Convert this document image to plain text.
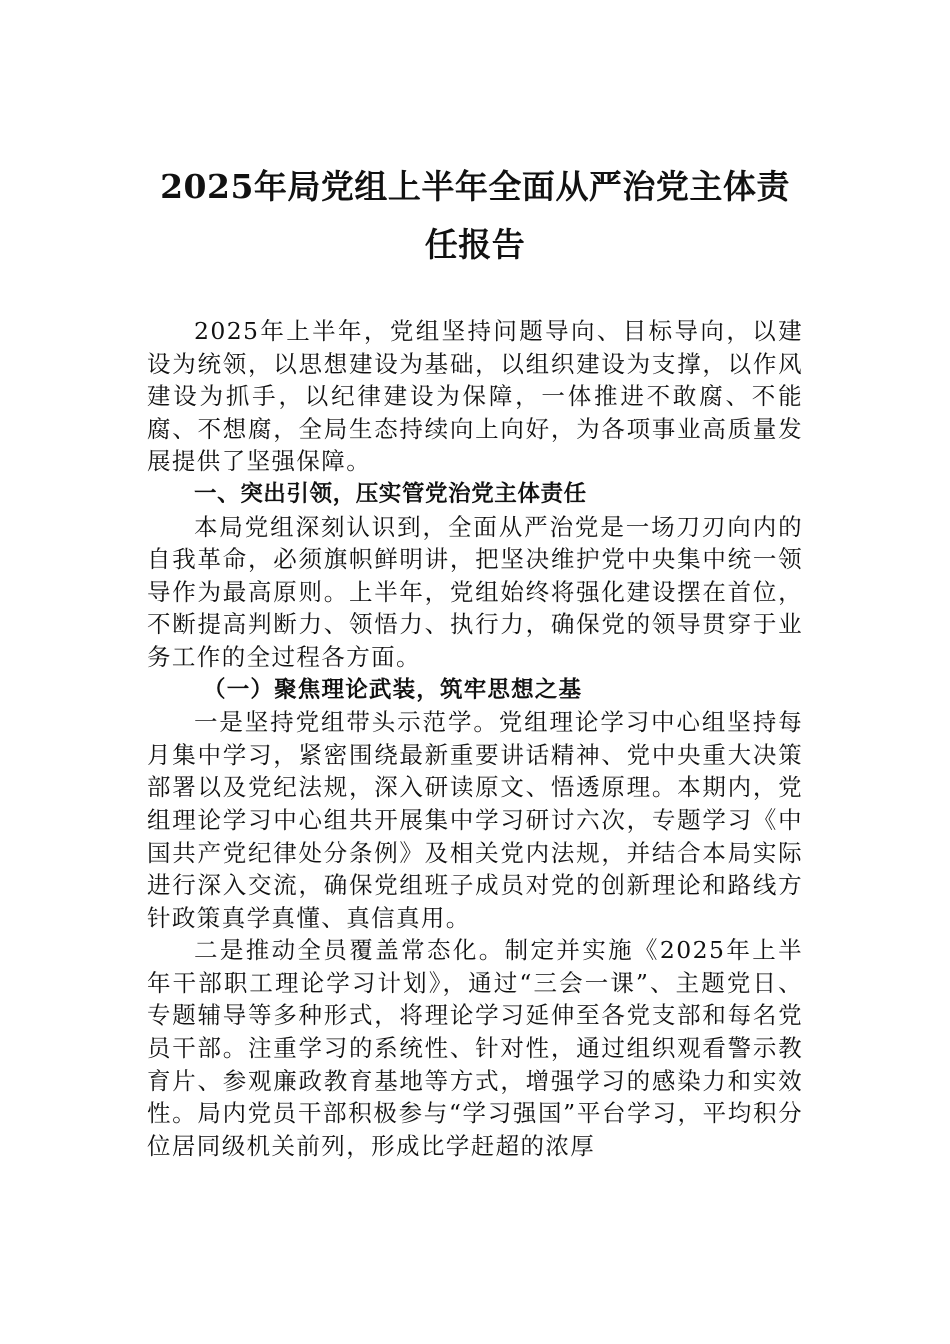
2025年局党组上半年全面从严治党主体责
任报告

2025年上半年，党组坚持问题导向、目标导向，以建设为统领，以思想建设为基础，以组织建设为支撑，以作风建设为抓手，以纪律建设为保障，一体推进不敢腐、不能腐、不想腐，全局生态持续向上向好，为各项事业高质量发展提供了坚强保障。

一、突出引领，压实管党治党主体责任

本局党组深刻认识到，全面从严治党是一场刀刃向内的自我革命，必须旗帜鲜明讲，把坚决维护党中央集中统一领导作为最高原则。上半年，党组始终将强化建设摆在首位，不断提高判断力、领悟力、执行力，确保党的领导贯穿于业务工作的全过程各方面。

（一）聚焦理论武装，筑牢思想之基

一是坚持党组带头示范学。党组理论学习中心组坚持每月集中学习，紧密围绕最新重要讲话精神、党中央重大决策部署以及党纪法规，深入研读原文、悟透原理。本期内，党组理论学习中心组共开展集中学习研讨六次，专题学习《中国共产党纪律处分条例》及相关党内法规，并结合本局实际进行深入交流，确保党组班子成员对党的创新理论和路线方针政策真学真懂、真信真用。

二是推动全员覆盖常态化。制定并实施《2025年上半年干部职工理论学习计划》，通过“三会一课”、主题党日、专题辅导等多种形式，将理论学习延伸至各党支部和每名党员干部。注重学习的系统性、针对性，通过组织观看警示教育片、参观廉政教育基地等方式，增强学习的感染力和实效性。局内党员干部积极参与“学习强国”平台学习，平均积分位居同级机关前列，形成比学赶超的浓厚
